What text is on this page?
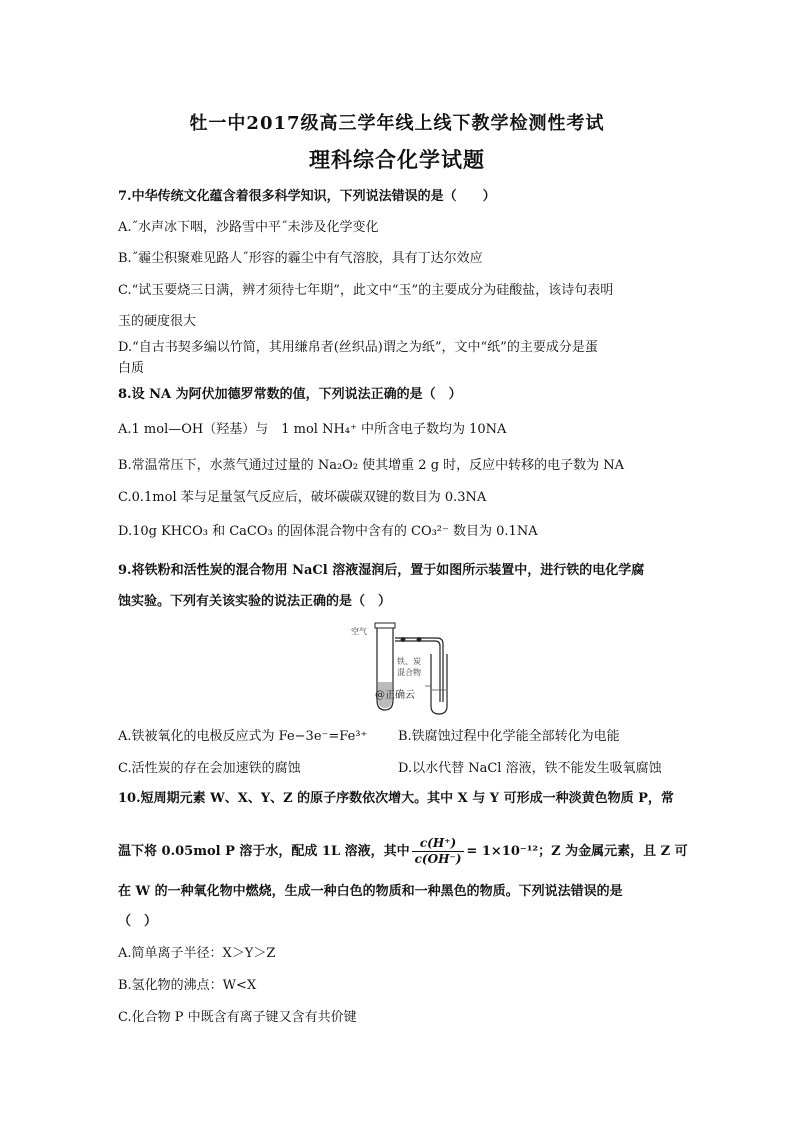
牡一中2017级高三学年线上线下教学检测性考试
理科综合化学试题
7.中华传统文化蕴含着很多科学知识，下列说法错误的是（　　）
A.˝水声冰下咽，沙路雪中平˝未涉及化学变化
B.˝霾尘积聚难见路人˝形容的霾尘中有气溶胶，具有丁达尔效应
C.“试玉要烧三日满，辨才须待七年期”，此文中“玉”的主要成分为硅酸盐，该诗句表明
玉的硬度很大
D.“自古书契多编以竹简，其用缣帛者(丝织品)谓之为纸”，文中“纸”的主要成分是蛋
白质
8.设 NA 为阿伏加德罗常数的值，下列说法正确的是（　）
A.1 mol—OH（羟基）与　1 mol NH₄⁺ 中所含电子数均为 10NA
B.常温常压下，水蒸气通过过量的 Na₂O₂ 使其增重 2 g 时，反应中转移的电子数为 NA
C.0.1mol 苯与足量氢气反应后，破坏碳碳双键的数目为 0.3NA
D.10g KHCO₃ 和 CaCO₃ 的固体混合物中含有的 CO₃²⁻ 数目为 0.1NA
9.将铁粉和活性炭的混合物用 NaCl 溶液湿润后，置于如图所示装置中，进行铁的电化学腐
蚀实验。下列有关该实验的说法正确的是（　）
空气
铁、炭
混合物
@正确云
A.铁被氧化的电极反应式为 Fe−3e⁻=Fe³⁺ B.铁腐蚀过程中化学能全部转化为电能
C.活性炭的存在会加速铁的腐蚀	D.以水代替 NaCl 溶液，铁不能发生吸氧腐蚀
10.短周期元素 W、X、Y、Z 的原子序数依次增大。其中 X 与 Y 可形成一种淡黄色物质 P，常
温下将 0.05mol P 溶于水，配成 1L 溶液，其中 $\frac{c(H^+)}{c(OH^-)} = 1\times 10^{-12}$；Z 为金属元素，且 Z 可
在 W 的一种氧化物中燃烧，生成一种白色的物质和一种黑色的物质。下列说法错误的是
（　）
A.简单离子半径：X＞Y＞Z
B.氢化物的沸点：W<X
C.化合物 P 中既含有离子键又含有共价键
